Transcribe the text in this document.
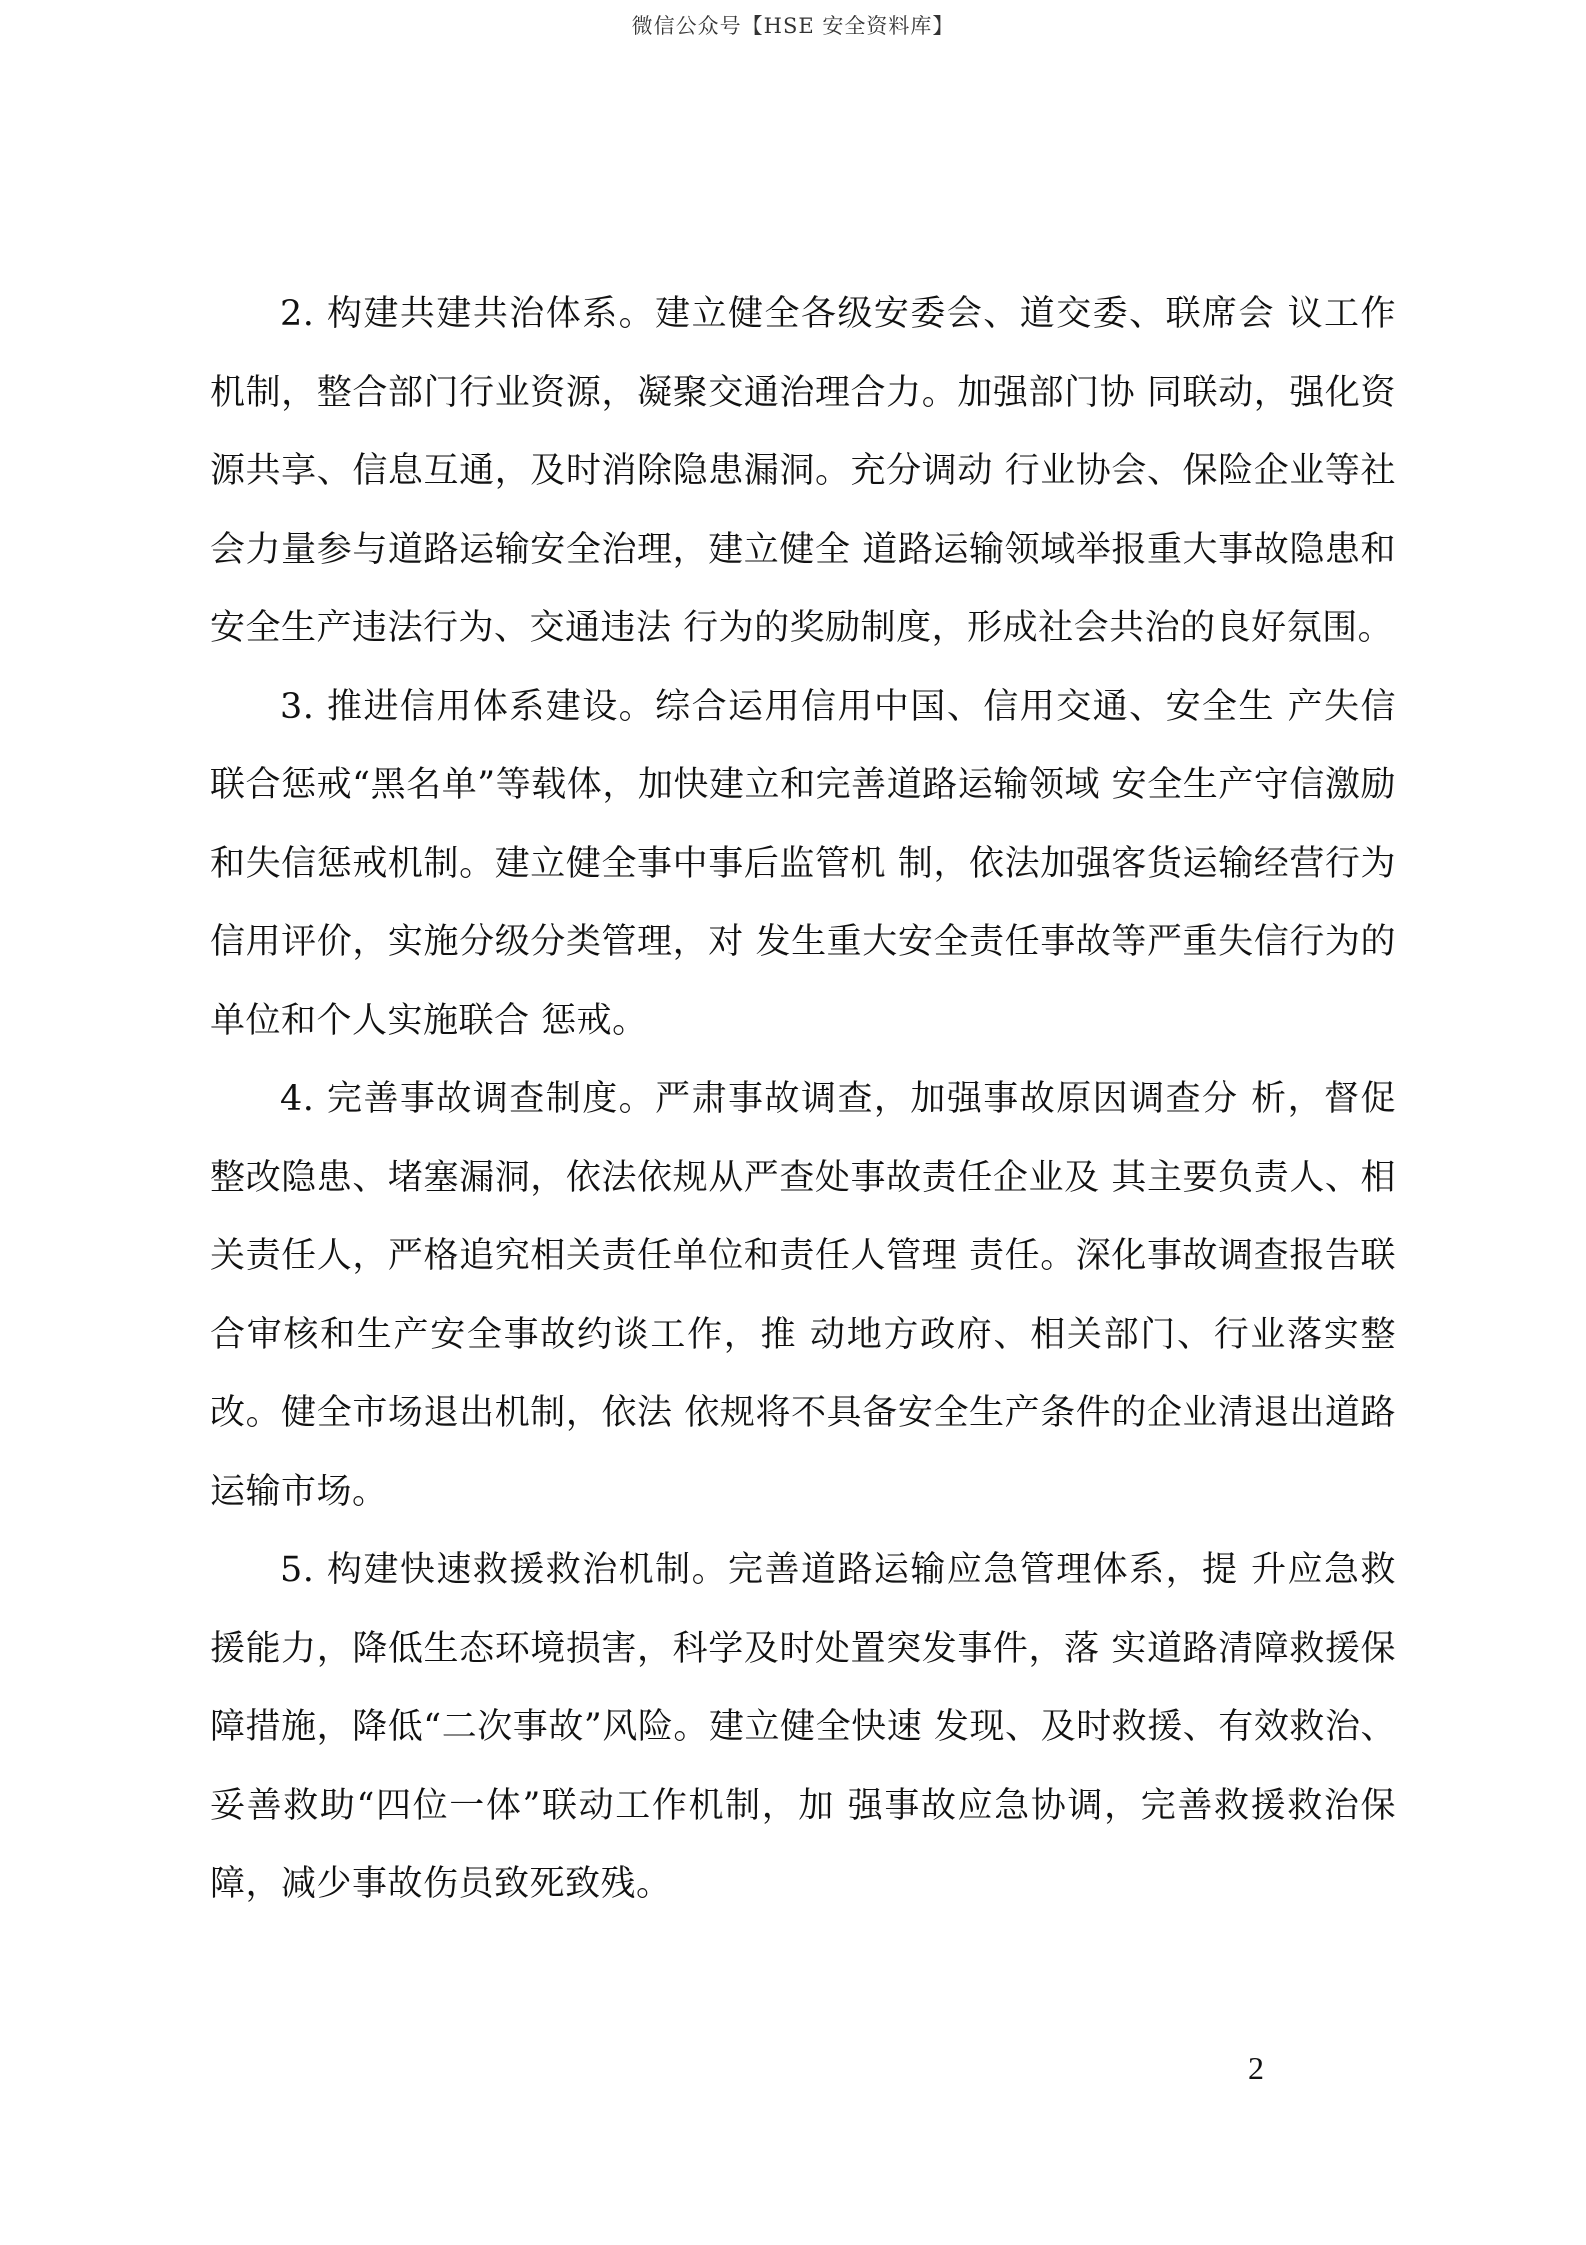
微信公众号【HSE 安全资料库】

2. 构建共建共治体系。建立健全各级安委会、道交委、联席会 议工作机制，整合部门行业资源，凝聚交通治理合力。加强部门协 同联动，强化资源共享、信息互通，及时消除隐患漏洞。充分调动 行业协会、保险企业等社会力量参与道路运输安全治理，建立健全 道路运输领域举报重大事故隐患和安全生产违法行为、交通违法 行为的奖励制度，形成社会共治的良好氛围。

3. 推进信用体系建设。综合运用信用中国、信用交通、安全生 产失信联合惩戒“黑名单”等载体，加快建立和完善道路运输领域 安全生产守信激励和失信惩戒机制。建立健全事中事后监管机 制，依法加强客货运输经营行为信用评价，实施分级分类管理，对 发生重大安全责任事故等严重失信行为的单位和个人实施联合 惩戒。

4. 完善事故调查制度。严肃事故调查，加强事故原因调查分 析，督促整改隐患、堵塞漏洞，依法依规从严查处事故责任企业及 其主要负责人、相关责任人，严格追究相关责任单位和责任人管理 责任。深化事故调查报告联合审核和生产安全事故约谈工作，推 动地方政府、相关部门、行业落实整改。健全市场退出机制，依法 依规将不具备安全生产条件的企业清退出道路运输市场。

5. 构建快速救援救治机制。完善道路运输应急管理体系，提 升应急救援能力，降低生态环境损害，科学及时处置突发事件，落 实道路清障救援保障措施，降低“二次事故”风险。建立健全快速 发现、及时救援、有效救治、妥善救助“四位一体”联动工作机制，加 强事故应急协调，完善救援救治保障，减少事故伤员致死致残。

2
